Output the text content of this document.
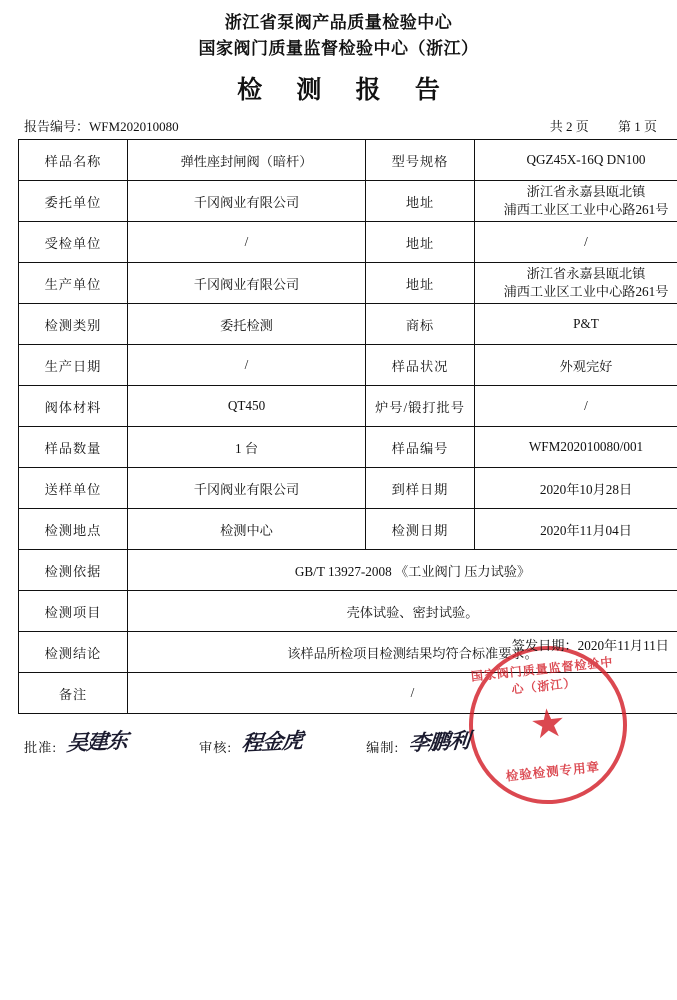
浙江省泵阀产品质量检验中心
国家阀门质量监督检验中心（浙江）
检 测 报 告
报告编号：WFM202010080	共 2 页 第 1 页
样品名称	弹性座封闸阀（暗杆）	型号规格	QGZ45X-16Q DN100
委托单位	千冈阀业有限公司	地址	浙江省永嘉县瓯北镇
浦西工业区工业中心路261号

受检单位	/	地址	/
生产单位	千冈阀业有限公司	地址	浙江省永嘉县瓯北镇
浦西工业区工业中心路261号

检测类别	委托检测	商标	P&T
生产日期	/	样品状况	外观完好
阀体材料	QT450	炉号/锻打批号	/
样品数量	1 台	样品编号	WFM202010080/001
送样单位	千冈阀业有限公司	到样日期	2020年10月28日
检测地点	检测中心	检测日期	2020年11月04日
检测依据	GB/T 13927-2008 《工业阀门 压力试验》		
检测项目	壳体试验、密封试验。		
检测结论	该样品所检项目检测结果均符合标准要求。
国家阀门质量监督检验中心（浙江）
★
检验检测专用章
签发日期：2020年11月11日		

备注	/		
批准: 吴建东	审核: 程金虎	编制: 李鹏利
